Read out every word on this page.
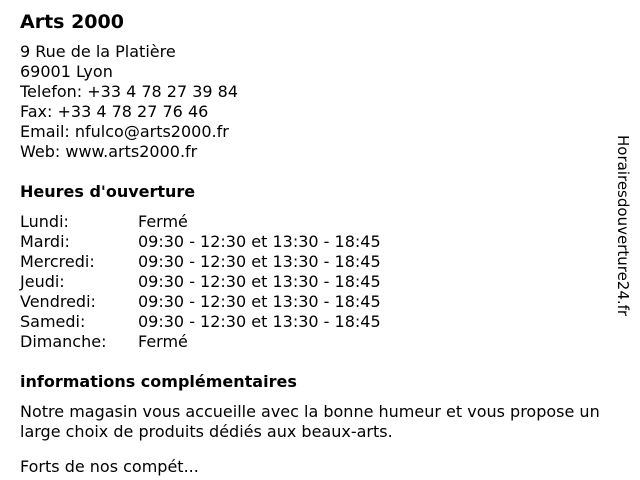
Arts 2000
9 Rue de la Platière
69001 Lyon
Telefon: +33 4 78 27 39 84
Fax: +33 4 78 27 76 46
Email: nfulco@arts2000.fr
Web: www.arts2000.fr
Heures d'ouverture
Lundi:	Fermé
Mardi:	09:30 - 12:30 et 13:30 - 18:45
Mercredi:	09:30 - 12:30 et 13:30 - 18:45
Jeudi:	09:30 - 12:30 et 13:30 - 18:45
Vendredi:	09:30 - 12:30 et 13:30 - 18:45
Samedi:	09:30 - 12:30 et 13:30 - 18:45
Dimanche:	Fermé
informations complémentaires
Notre magasin vous accueille avec la bonne humeur et vous propose un large choix de produits dédiés aux beaux-arts.
Forts de nos compét...
Horairesdouverture24.fr
